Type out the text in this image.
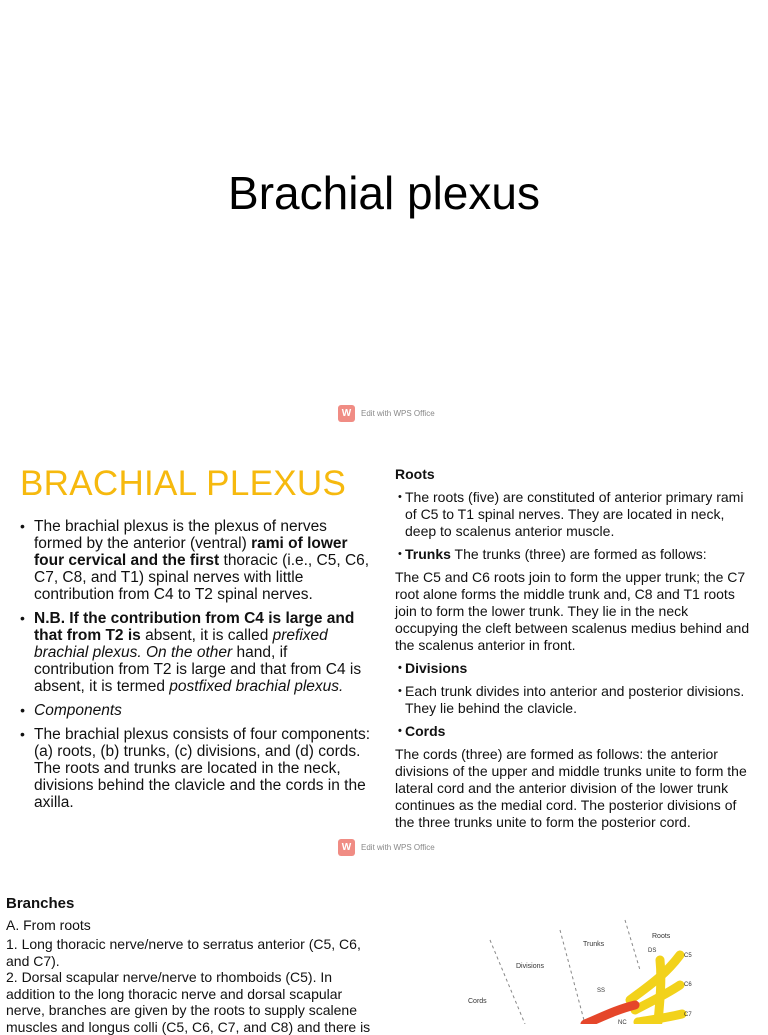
Brachial plexus
W	Edit with WPS Office
BRACHIAL PLEXUS
• The brachial plexus is the plexus of nerves formed by the anterior (ventral) rami of lower four cervical and the first thoracic (i.e., C5, C6, C7, C8, and T1) spinal nerves with little contribution from C4 to T2 spinal nerves.
• N.B. If the contribution from C4 is large and that from T2 is absent, it is called prefixed brachial plexus. On the other hand, if contribution from T2 is large and that from C4 is absent, it is termed postfixed brachial plexus.
• Components
• The brachial plexus consists of four components: (a) roots, (b) trunks, (c) divisions, and (d) cords. The roots and trunks are located in the neck, divisions behind the clavicle and the cords in the axilla.
Roots
• The roots (five) are constituted of anterior primary rami of C5 to T1 spinal nerves. They are located in neck, deep to scalenus anterior muscle.
• Trunks The trunks (three) are formed as follows:
The C5 and C6 roots join to form the upper trunk; the C7 root alone forms the middle trunk and, C8 and T1 roots join to form the lower trunk. They lie in the neck occupying the cleft between scalenus medius behind and the scalenus anterior in front.
• Divisions
• Each trunk divides into anterior and posterior divisions. They lie behind the clavicle.
• Cords
The cords (three) are formed as follows: the anterior divisions of the upper and middle trunks unite to form the lateral cord and the anterior division of the lower trunk continues as the medial cord. The posterior divisions of the three trunks unite to form the posterior cord.
W	Edit with WPS Office
Branches
A. From roots
1. Long thoracic nerve/nerve to serratus anterior (C5, C6, and C7).
2. Dorsal scapular nerve/nerve to rhomboids (C5). In addition to the long thoracic nerve and dorsal scapular nerve, branches are given by the roots to supply scalene muscles and longus colli (C5, C6, C7, and C8) and there is
Roots
Trunks
Divisions
Cords
DS
SS
C5
C6
C7
NC
